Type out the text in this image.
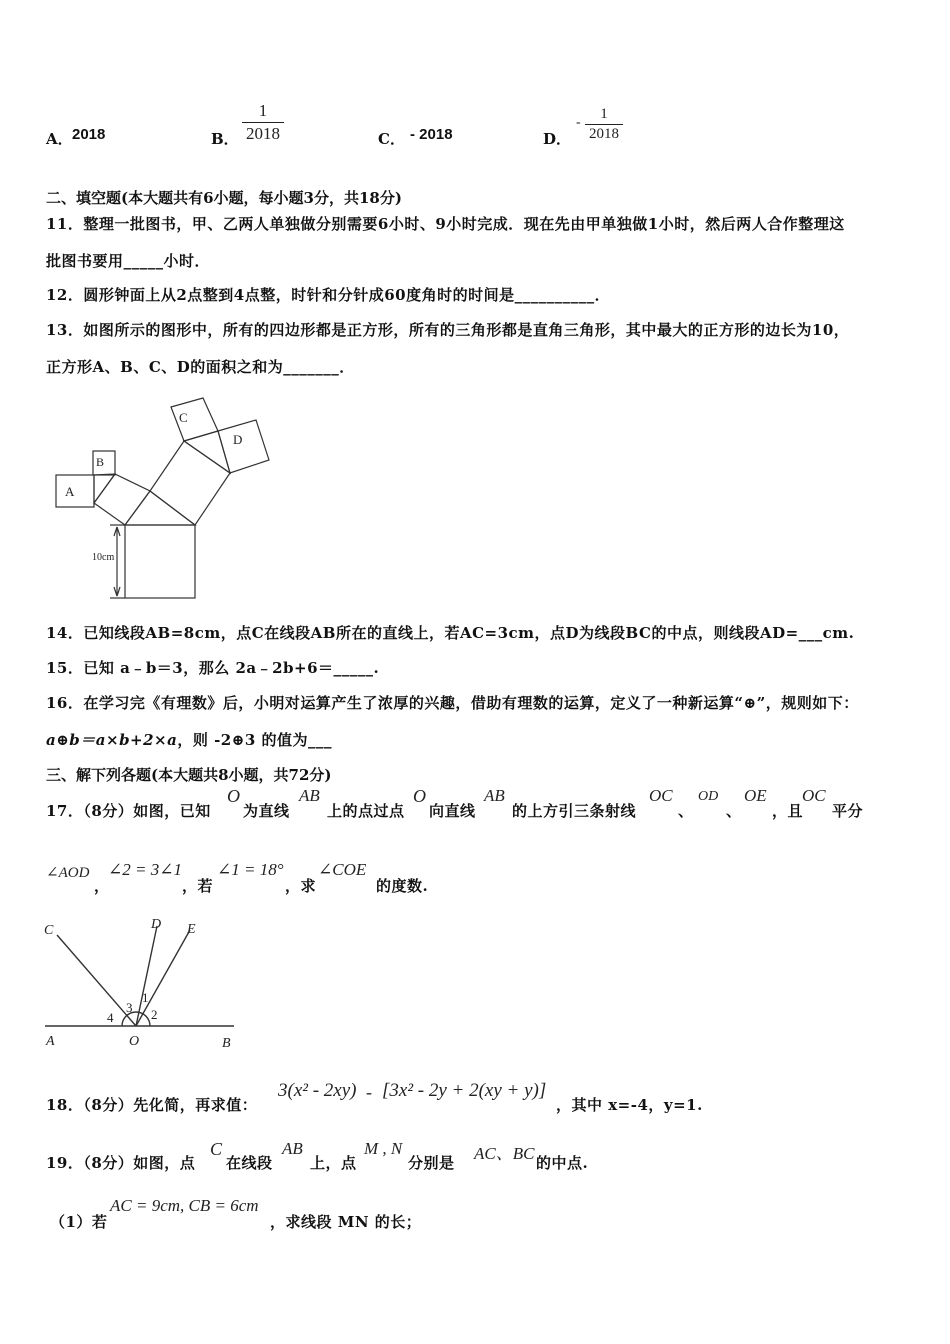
A． 2018	B．
1
2018	C． - 2018	D．
-
1
2018
二、填空题(本大题共有6小题，每小题3分，共18分)
11．整理一批图书，甲、乙两人单独做分别需要6小时、9小时完成．现在先由甲单独做1小时，然后两人合作整理这
批图书要用_____小时．
12．圆形钟面上从2点整到4点整，时针和分针成60度角时的时间是__________．
13．如图所示的图形中，所有的四边形都是正方形，所有的三角形都是直角三角形，其中最大的正方形的边长为10，
正方形A、B、C、D的面积之和为_______．
A
B
C
D
10cm
14．已知线段AB=8cm，点C在线段AB所在的直线上，若AC=3cm，点D为线段BC的中点，则线段AD=___cm.
15．已知 a﹣b＝3，那么 2a﹣2b+6＝_____.
16．在学习完《有理数》后，小明对运算产生了浓厚的兴趣，借助有理数的运算，定义了一种新运算“⊕”，规则如下：
a⊕b＝a×b+2×a，则 -2⊕3 的值为___
三、解下列各题(本大题共8小题，共72分)
17．（8分）如图，已知
O
为直线
AB
上的点过点
O
向直线
AB
的上方引三条射线
OC
、
OD
、
OE
，且
OC
平分
∠AOD
，
∠2 = 3∠1
，若
∠1 = 18°
，求
∠COE
的度数.
C	D E
A	O	B
1
2
3
4
18．（8分）先化简，再求值：
3(x² - 2xy) - [3x² - 2y + 2(xy + y)]
，其中 x=-4，y=1.
19．（8分）如图，点
C
在线段
AB
上，点
M , N
分别是 AC、BC 的中点.
（1）若
AC = 9cm, CB = 6cm
，求线段 MN 的长；
